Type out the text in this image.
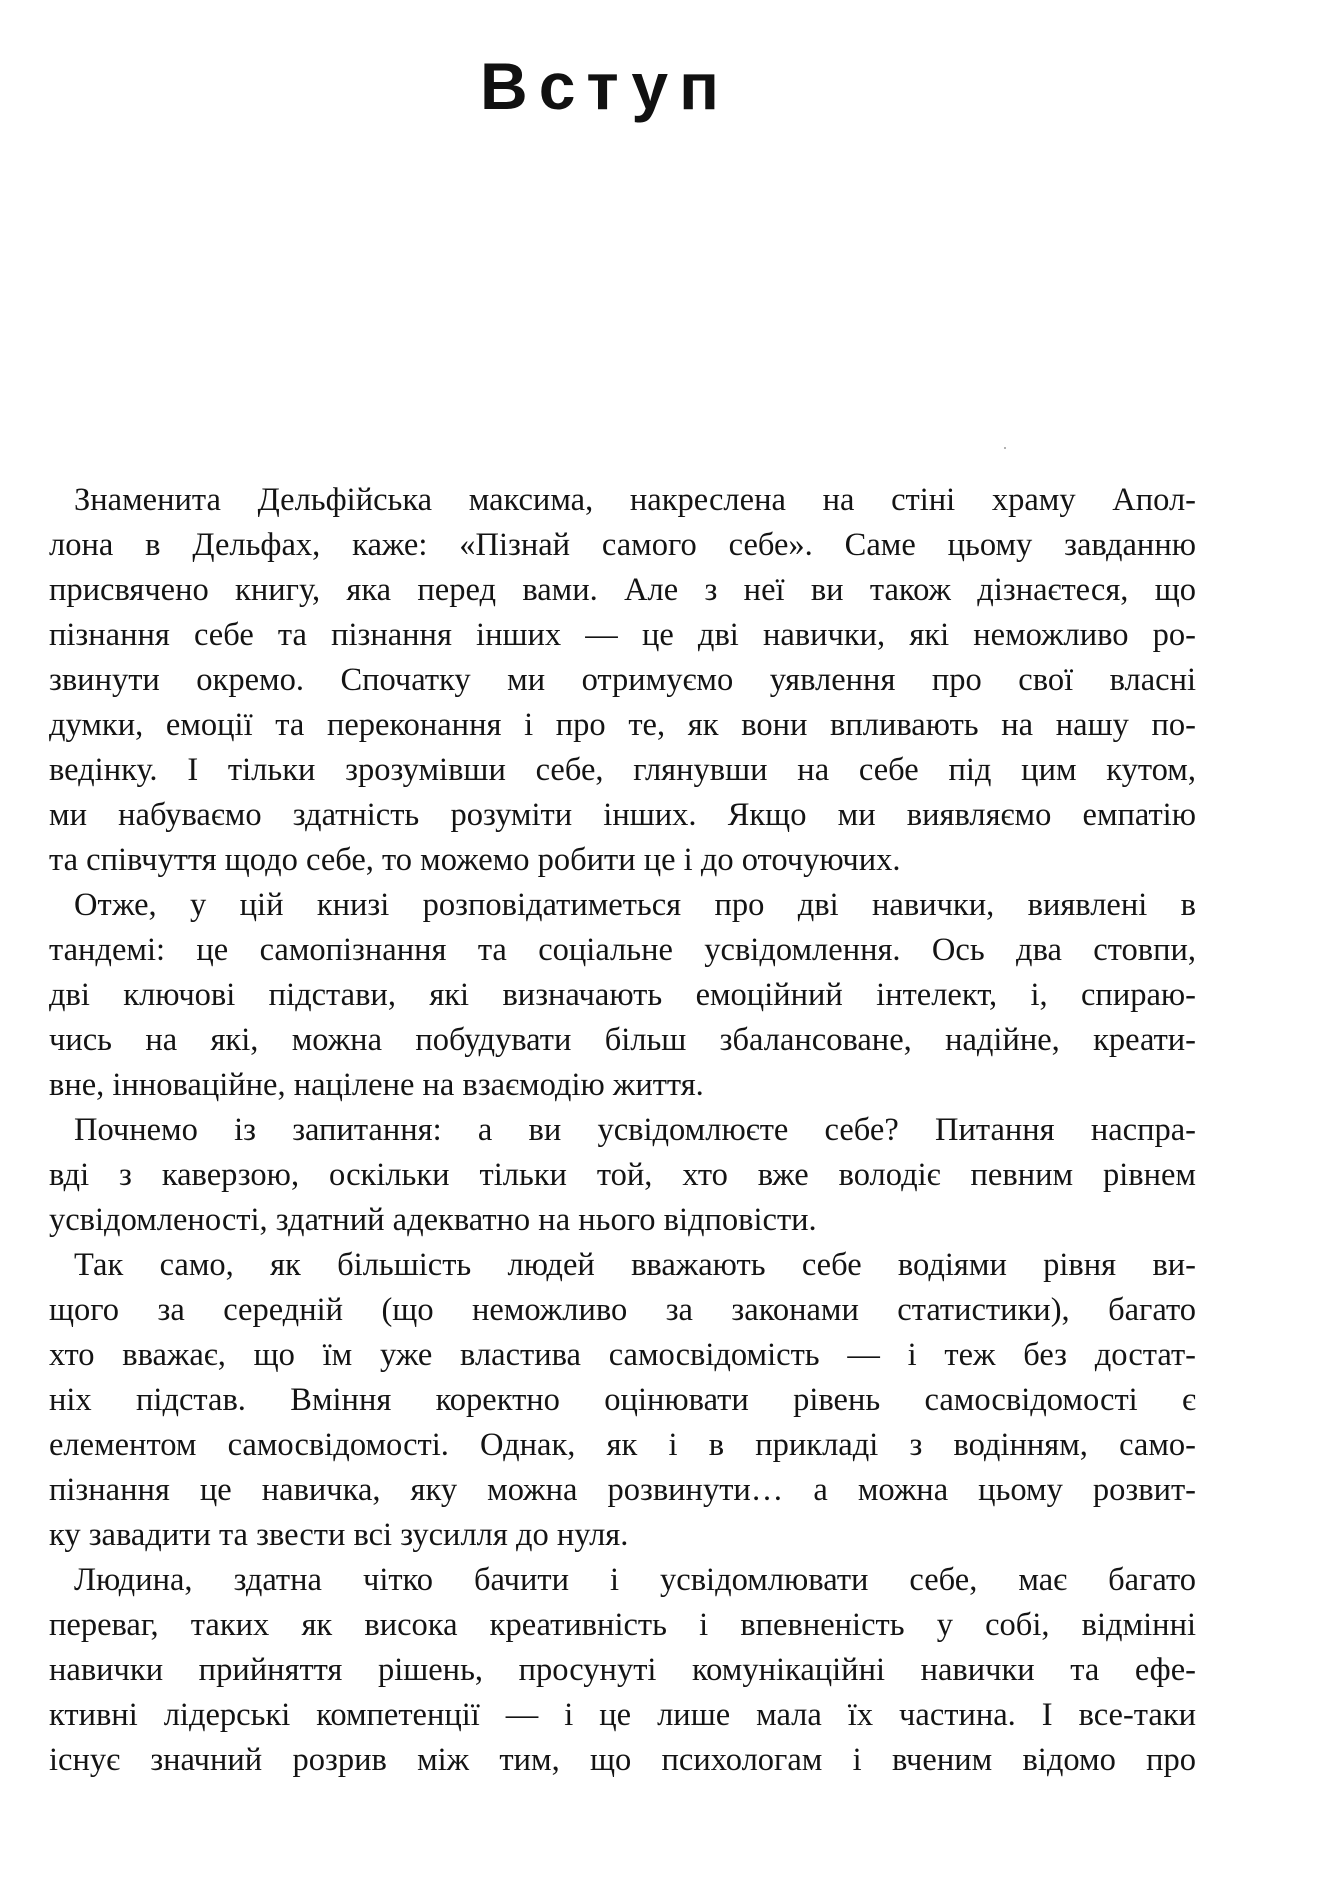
Вступ
Знаменита Дельфійська максима, накреслена на стіні храму Апол-
лона в Дельфах, каже: «Пізнай самого себе». Саме цьому завданню
присвячено книгу, яка перед вами. Але з неї ви також дізнаєтеся, що
пізнання себе та пізнання інших — це дві навички, які неможливо ро-
звинути окремо. Спочатку ми отримуємо уявлення про свої власні
думки, емоції та переконання і про те, як вони впливають на нашу по-
ведінку. І тільки зрозумівши себе, глянувши на себе під цим кутом,
ми набуваємо здатність розуміти інших. Якщо ми виявляємо емпатію
та співчуття щодо себе, то можемо робити це і до оточуючих.
Отже, у цій книзі розповідатиметься про дві навички, виявлені в
тандемі: це самопізнання та соціальне усвідомлення. Ось два стовпи,
дві ключові підстави, які визначають емоційний інтелект, і, спираю-
чись на які, можна побудувати більш збалансоване, надійне, креати-
вне, інноваційне, націлене на взаємодію життя.
Почнемо із запитання: а ви усвідомлюєте себе? Питання наспра-
вді з каверзою, оскільки тільки той, хто вже володіє певним рівнем
усвідомленості, здатний адекватно на нього відповісти.
Так само, як більшість людей вважають себе водіями рівня ви-
щого за середній (що неможливо за законами статистики), багато
хто вважає, що їм уже властива самосвідомість — і теж без достат-
ніх підстав. Вміння коректно оцінювати рівень самосвідомості є
елементом самосвідомості. Однак, як і в прикладі з водінням, само-
пізнання це навичка, яку можна розвинути… а можна цьому розвит-
ку завадити та звести всі зусилля до нуля.
Людина, здатна чітко бачити і усвідомлювати себе, має багато
переваг, таких як висока креативність і впевненість у собі, відмінні
навички прийняття рішень, просунуті комунікаційні навички та ефе-
ктивні лідерські компетенції — і це лише мала їх частина. І все-таки
існує значний розрив між тим, що психологам і вченим відомо про
